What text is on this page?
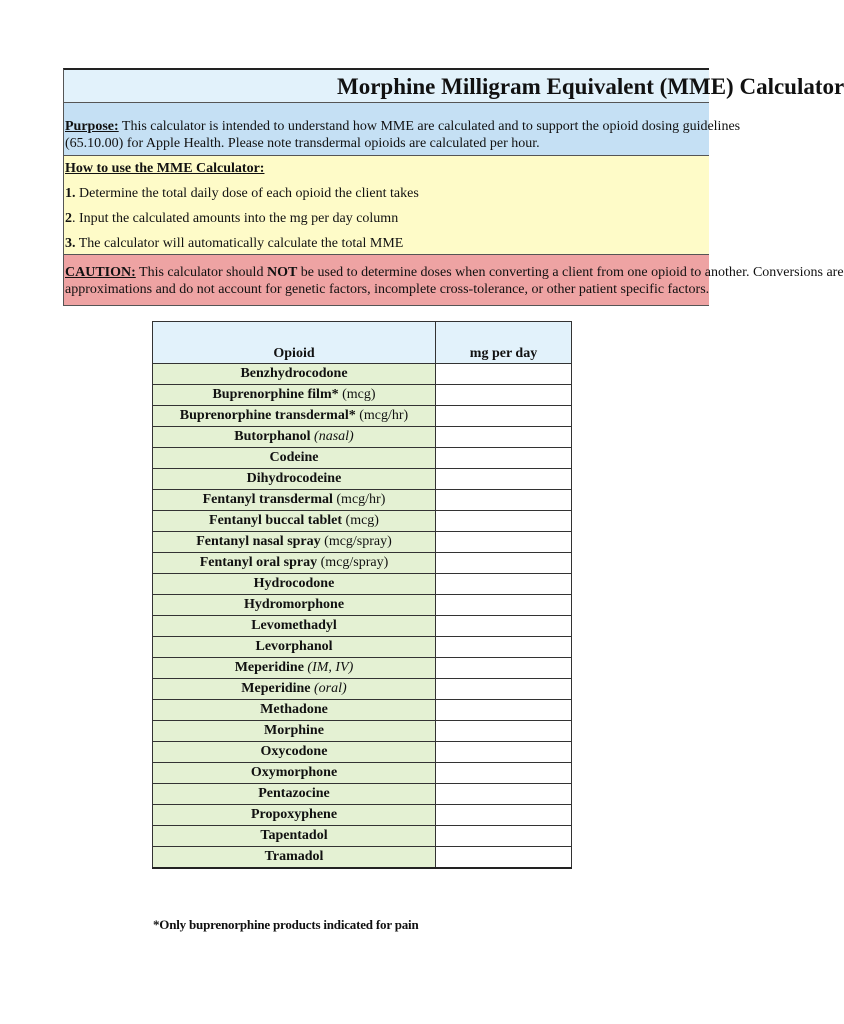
Morphine Milligram Equivalent (MME) Calculator
Purpose: This calculator is intended to understand how MME are calculated and to support the opioid dosing guidelines
(65.10.00) for Apple Health. Please note transdermal opioids are calculated per hour.
How to use the MME Calculator:
1. Determine the total daily dose of each opioid the client takes
2. Input the calculated amounts into the mg per day column
3. The calculator will automatically calculate the total MME
CAUTION: This calculator should NOT be used to determine doses when converting a client from one opioid to another. Conversions are
approximations and do not account for genetic factors, incomplete cross-tolerance, or other patient specific factors.
Opioid	mg per day
Benzhydrocodone	
Buprenorphine film* (mcg)	
Buprenorphine transdermal* (mcg/hr)	
Butorphanol (nasal)	
Codeine	
Dihydrocodeine	
Fentanyl transdermal (mcg/hr)	
Fentanyl buccal tablet (mcg)	
Fentanyl nasal spray (mcg/spray)	
Fentanyl oral spray (mcg/spray)	
Hydrocodone	
Hydromorphone	
Levomethadyl	
Levorphanol	
Meperidine (IM, IV)	
Meperidine (oral)	
Methadone	
Morphine	
Oxycodone	
Oxymorphone	
Pentazocine	
Propoxyphene	
Tapentadol	
Tramadol	
*Only buprenorphine products indicated for pain
